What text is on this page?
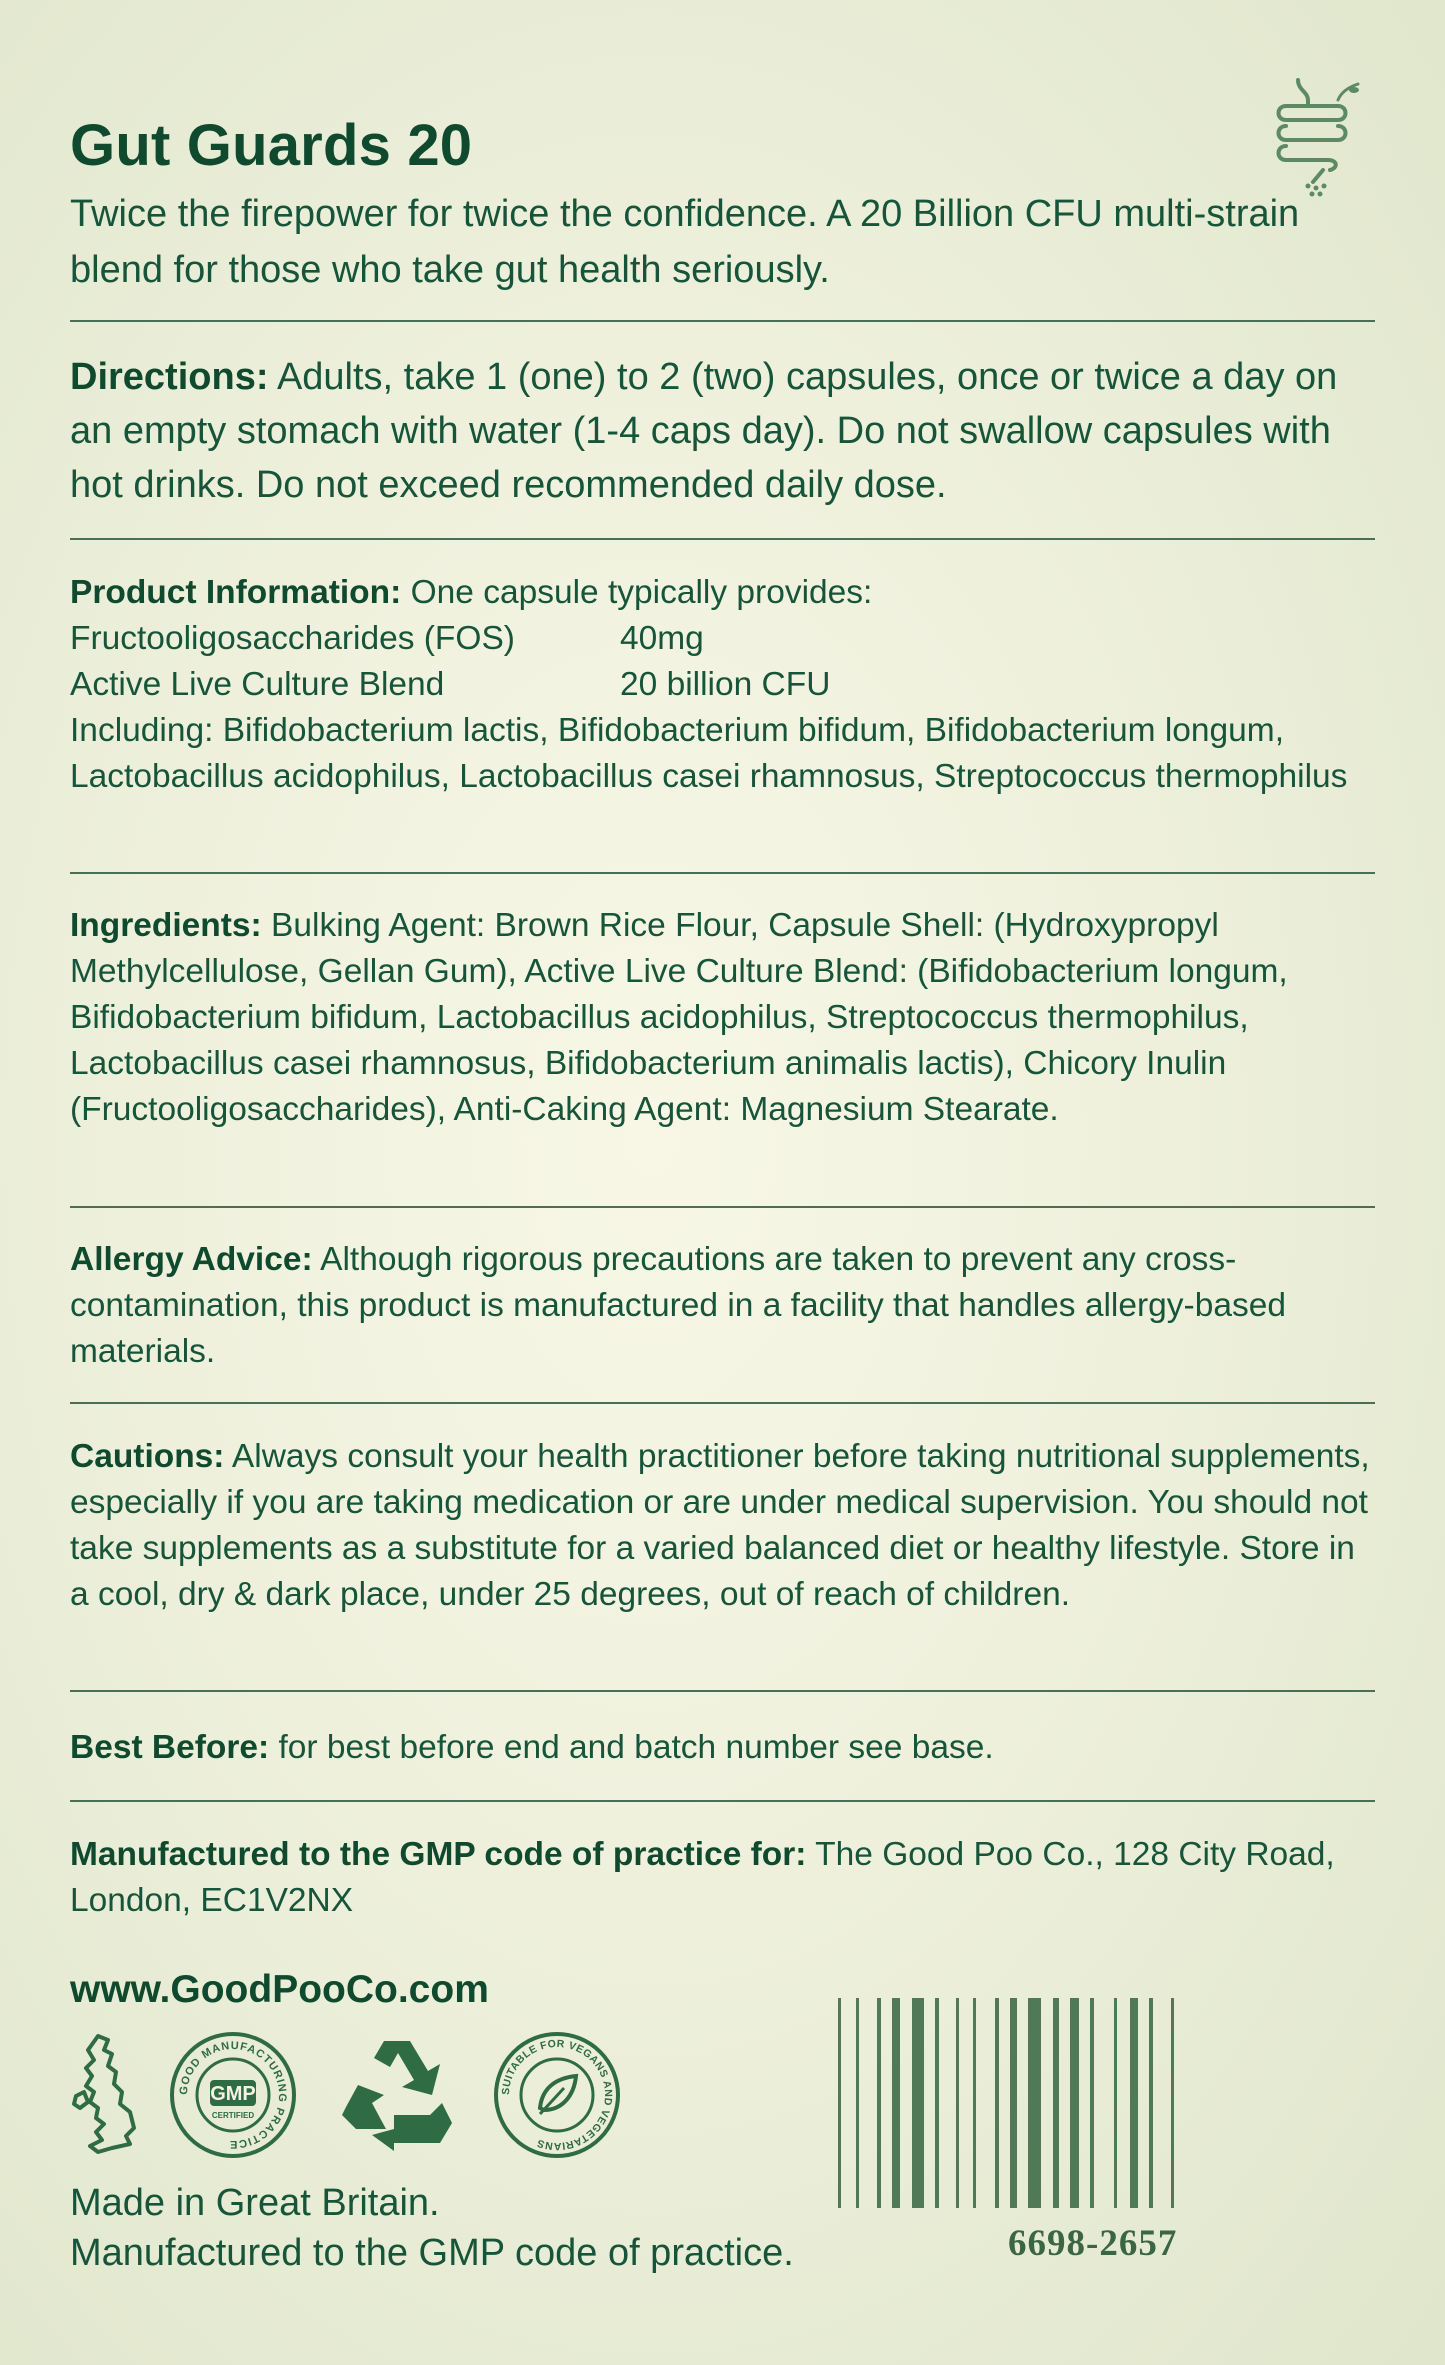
Gut Guards 20

Twice the firepower for twice the confidence. A 20 Billion CFU multi-strain blend for those who take gut health seriously.

Directions: Adults, take 1 (one) to 2 (two) capsules, once or twice a day on an empty stomach with water (1-4 caps day). Do not swallow capsules with hot drinks. Do not exceed recommended daily dose.

Product Information: One capsule typically provides:

Fructooligosaccharides (FOS)	40mg
Active Live Culture Blend	20 billion CFU

Including: Bifidobacterium lactis, Bifidobacterium bifidum, Bifidobacterium longum, Lactobacillus acidophilus, Lactobacillus casei rhamnosus, Streptococcus thermophilus

Ingredients: Bulking Agent: Brown Rice Flour, Capsule Shell: (Hydroxypropyl Methylcellulose, Gellan Gum), Active Live Culture Blend: (Bifidobacterium longum, Bifidobacterium bifidum, Lactobacillus acidophilus, Streptococcus thermophilus, Lactobacillus casei rhamnosus, Bifidobacterium animalis lactis), Chicory Inulin (Fructooligosaccharides), Anti-Caking Agent: Magnesium Stearate.

Allergy Advice: Although rigorous precautions are taken to prevent any cross-contamination, this product is manufactured in a facility that handles allergy-based materials.

Cautions: Always consult your health practitioner before taking nutritional supplements, especially if you are taking medication or are under medical supervision. You should not take supplements as a substitute for a varied balanced diet or healthy lifestyle. Store in a cool, dry & dark place, under 25 degrees, out of reach of children.

Best Before: for best before end and batch number see base.

Manufactured to the GMP code of practice for: The Good Poo Co., 128 City Road, London, EC1V2NX

www.GoodPooCo.com
GOOD MANUFACTURING PRACTICE
GMP
CERTIFIED
SUITABLE FOR VEGANS AND VEGETARIANS
Made in Great Britain.
Manufactured to the GMP code of practice.	6698-2657
